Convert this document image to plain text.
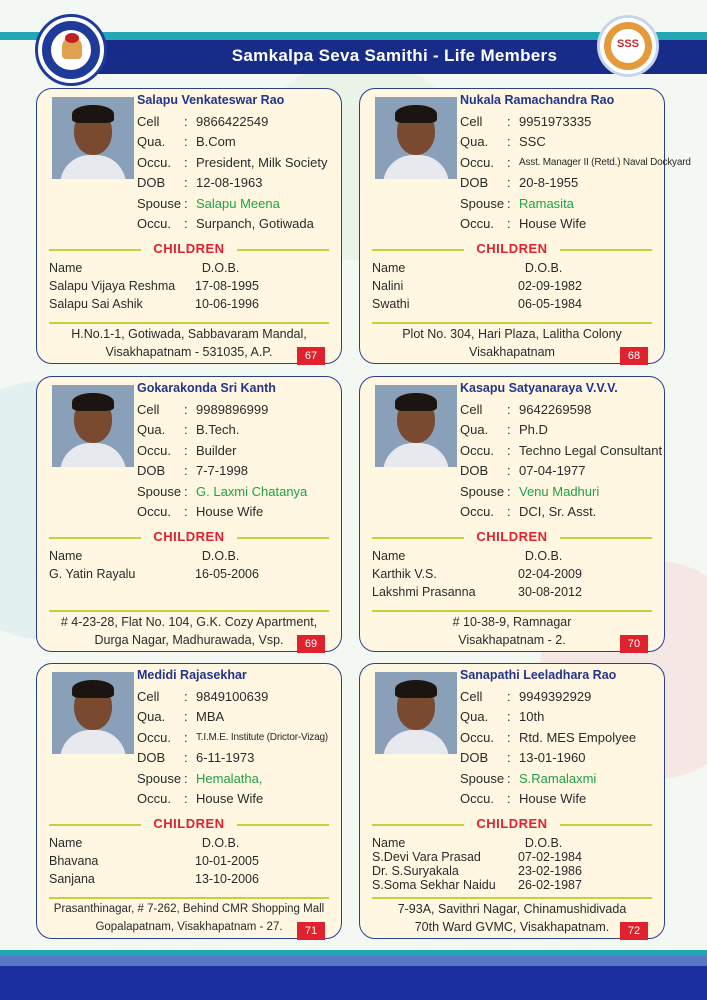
Samkalpa Seva Samithi - Life Members
SSS
Salapu Venkateswar Rao
Cell	: 9866422549
Qua.	: B.Com
Occu.	: President, Milk Society
DOB	: 12-08-1963
Spouse : Salapu Meena
Occu.	: Surpanch, Gotiwada
CHILDREN
Name	D.O.B.
Salapu Vijaya Reshma	17-08-1995
Salapu Sai Ashik	10-06-1996
H.No.1-1, Gotiwada, Sabbavaram Mandal,
Visakhapatnam - 531035, A.P.	67
Nukala Ramachandra Rao
Cell	: 9951973335
Qua.	: SSC
Occu.	: Asst. Manager II (Retd.) Naval Dockyard
DOB	: 20-8-1955
Spouse : Ramasita
Occu.	: House Wife
CHILDREN
Name	D.O.B.
Nalini	02-09-1982
Swathi	06-05-1984
Plot No. 304, Hari Plaza, Lalitha Colony
Visakhapatnam	68
Gokarakonda Sri Kanth
Cell	: 9989896999
Qua.	: B.Tech.
Occu.	: Builder
DOB	: 7-7-1998
Spouse : G. Laxmi Chatanya
Occu.	: House Wife
CHILDREN
Name	D.O.B.
G. Yatin Rayalu	16-05-2006
# 4-23-28, Flat No. 104, G.K. Cozy Apartment,
Durga Nagar, Madhurawada, Vsp.	69
Kasapu Satyanaraya V.V.V.
Cell	: 9642269598
Qua.	: Ph.D
Occu.	: Techno Legal Consultant
DOB	: 07-04-1977
Spouse : Venu Madhuri
Occu.	: DCI, Sr. Asst.
CHILDREN
Name	D.O.B.
Karthik V.S.	02-04-2009
Lakshmi Prasanna	30-08-2012
# 10-38-9, Ramnagar
Visakhapatnam - 2.	70
Medidi Rajasekhar
Cell	: 9849100639
Qua.	: MBA
Occu.	: T.I.M.E. Institute (Drictor-Vizag)
DOB	: 6-11-1973
Spouse : Hemalatha,
Occu.	: House Wife
CHILDREN
Name	D.O.B.
Bhavana	10-01-2005
Sanjana	13-10-2006
Prasanthinagar, # 7-262, Behind CMR Shopping Mall
Gopalapatnam, Visakhapatnam - 27.	71
Sanapathi Leeladhara Rao
Cell	: 9949392929
Qua.	: 10th
Occu.	: Rtd. MES Empolyee
DOB	: 13-01-1960
Spouse : S.Ramalaxmi
Occu.	: House Wife
CHILDREN
Name	D.O.B.
S.Devi Vara Prasad	07-02-1984
Dr. S.Suryakala	23-02-1986
S.Soma Sekhar Naidu	26-02-1987
7-93A, Savithri Nagar, Chinamushidivada
70th Ward GVMC, Visakhapatnam.	72
